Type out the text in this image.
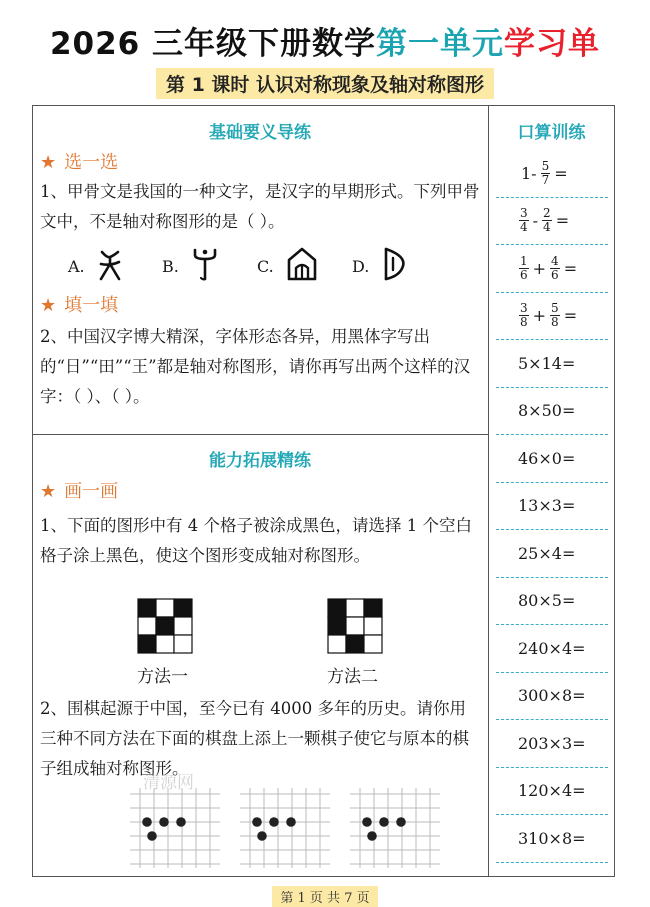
2026 三年级下册数学第一单元学习单
第 1 课时 认识对称现象及轴对称图形
基础要义导练
★ 选一选
1、甲骨文是我国的一种文字，是汉字的早期形式。下列甲骨文中，不是轴对称图形的是（ ）。
A.	B.	C.	D.
★ 填一填
2、中国汉字博大精深，字体形态各异，用黑体字写出的“日”“田”“王”都是轴对称图形，请你再写出两个这样的汉字：（ ）、（ ）。
能力拓展精练
★ 画一画
1、下面的图形中有 4 个格子被涂成黑色，请选择 1 个空白格子涂上黑色，使这个图形变成轴对称图形。
方法一	方法二
2、围棋起源于中国，至今已有 4000 多年的历史。请你用三种不同方法在下面的棋盘上添上一颗棋子使它与原本的棋子组成轴对称图形。
清源网
口算训练
$1- \frac{5}{7}$ =
$\frac{3}{4} - \frac{2}{4}$ =
$\frac{1}{6} + \frac{4}{6}$ =
$\frac{3}{8} + \frac{5}{8}$ =
5×14=
8×50=
46×0=
13×3=
25×4=
80×5=
240×4=
300×8=
203×3=
120×4=
310×8=
第 1 页 共 7 页
